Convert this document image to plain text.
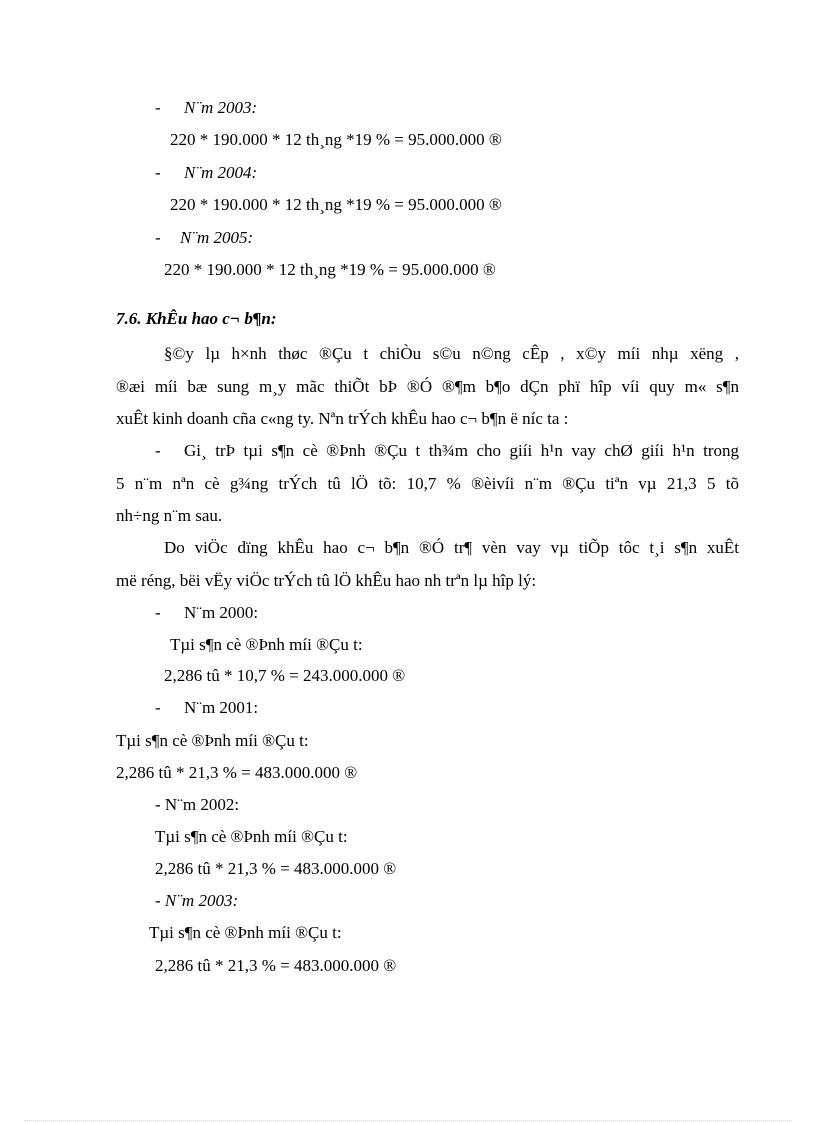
- N¨m 2003:
220 * 190.000 * 12 th¸ng *19 % = 95.000.000 ®
- N¨m 2004:
220 * 190.000 * 12 th¸ng *19 % = 95.000.000 ®
- N¨m 2005:
220 * 190.000 * 12 th¸ng *19 % = 95.000.000 ®
7.6. KhÊu hao c¬ b¶n:
§©y lµ h×nh thøc ®Çu t chiÒu s©u n©ng cÊp , x©y míi nhµ xëng ,
®æi míi bæ sung m¸y mãc thiÕt bÞ ®Ó ®¶m b¶o dÇn phï hîp víi quy m« s¶n
xuÊt kinh doanh cña c«ng ty. Nªn trÝch khÊu hao c¬ b¶n ë níc ta :
- Gi¸ trÞ tµi s¶n cè ®Þnh ®Çu t th¾m cho giíi h¹n vay chØ giíi h¹n trong
5 n¨m nªn cè g¾ng trÝch tû lÖ tõ: 10,7 % ®èivíi n¨m ®Çu tiªn vµ 21,3 5 tõ
nh÷ng n¨m sau.
Do viÖc dïng khÊu hao c¬ b¶n ®Ó tr¶ vèn vay vµ tiÕp tôc t¸i s¶n xuÊt
më réng, bëi vËy viÖc trÝch tû lÖ khÊu hao nh trªn lµ hîp lý:
- N¨m 2000:
Tµi s¶n cè ®Þnh míi ®Çu t:
2,286 tû * 10,7 % = 243.000.000 ®
- N¨m 2001:
Tµi s¶n cè ®Þnh míi ®Çu t:
2,286 tû * 21,3 % = 483.000.000 ®
- N¨m 2002:
Tµi s¶n cè ®Þnh míi ®Çu t:
2,286 tû * 21,3 % = 483.000.000 ®
- N¨m 2003:
Tµi s¶n cè ®Þnh míi ®Çu t:
2,286 tû * 21,3 % = 483.000.000 ®
